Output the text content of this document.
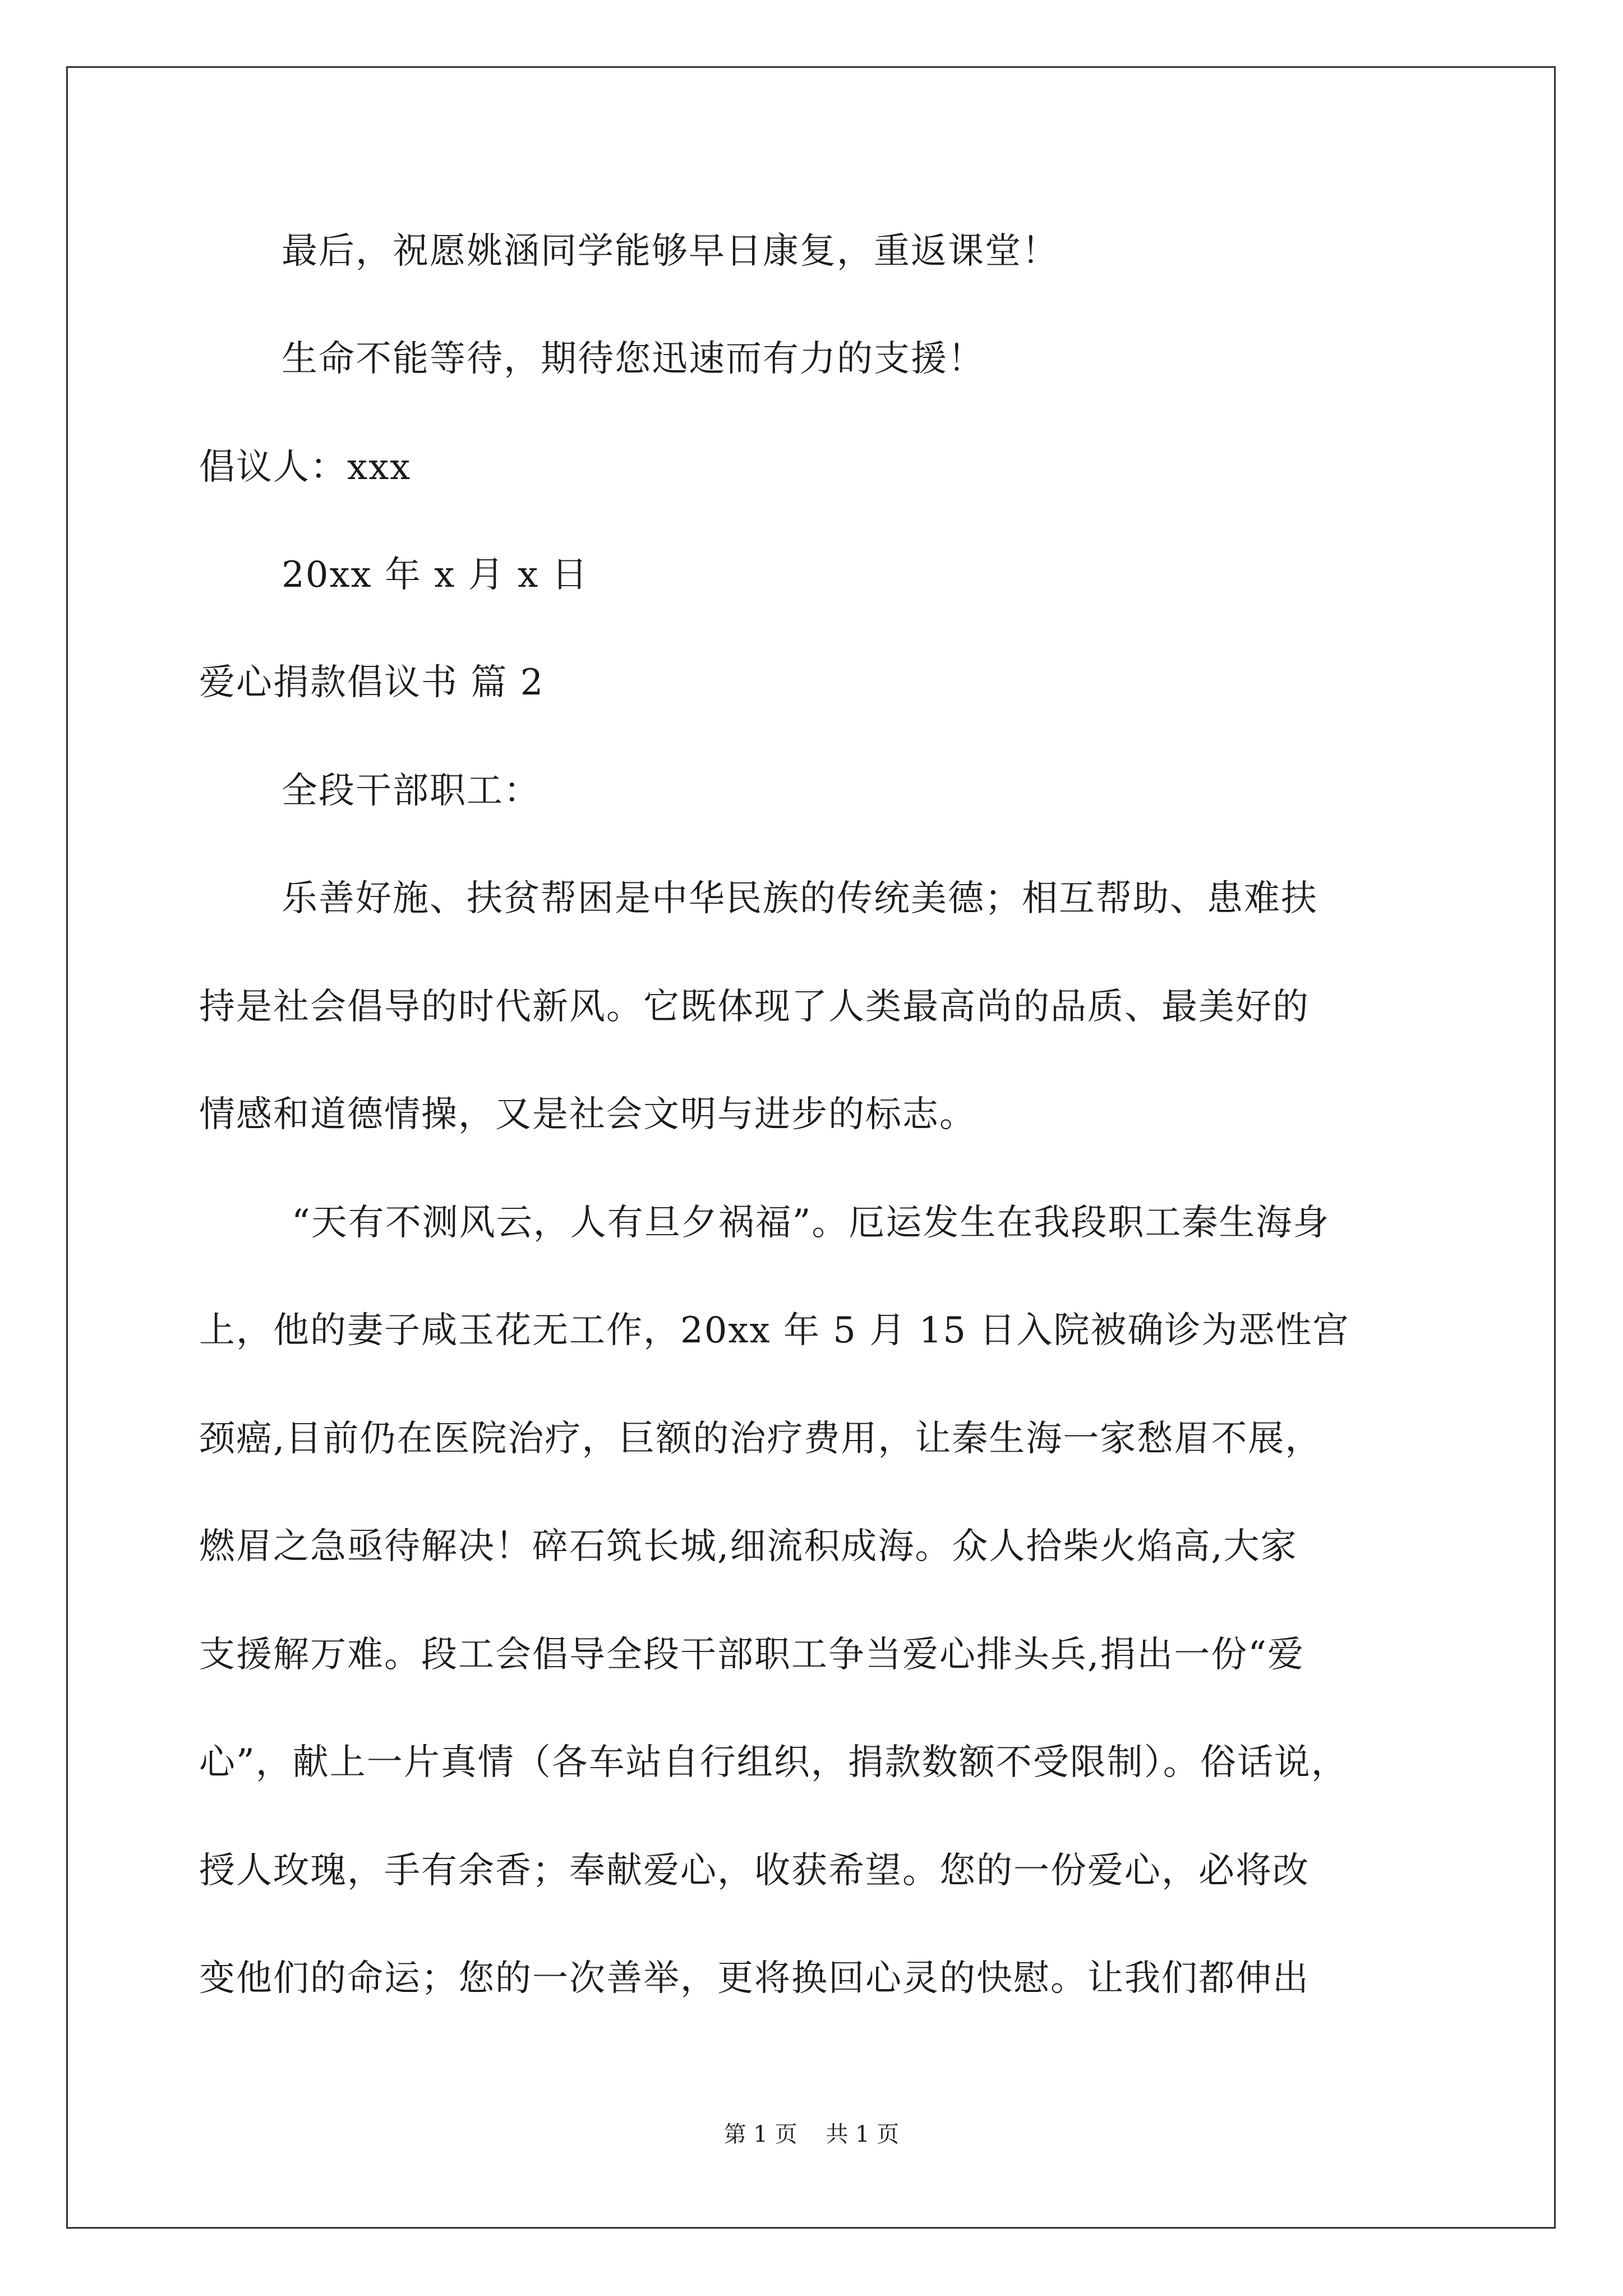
最后，祝愿姚涵同学能够早日康复，重返课堂！
生命不能等待，期待您迅速而有力的支援！
倡议人：xxx
20xx 年 x 月 x 日
爱心捐款倡议书 篇 2
全段干部职工：
乐善好施、扶贫帮困是中华民族的传统美德；相互帮助、患难扶
持是社会倡导的时代新风。它既体现了人类最高尚的品质、最美好的
情感和道德情操，又是社会文明与进步的标志。
“天有不测风云，人有旦夕祸福”。厄运发生在我段职工秦生海身
上，他的妻子咸玉花无工作，20xx 年 5 月 15 日入院被确诊为恶性宫
颈癌,目前仍在医院治疗，巨额的治疗费用，让秦生海一家愁眉不展，
燃眉之急亟待解决！碎石筑长城,细流积成海。众人拾柴火焰高,大家
支援解万难。段工会倡导全段干部职工争当爱心排头兵,捐出一份“爱
心”，献上一片真情（各车站自行组织，捐款数额不受限制）。俗话说，
授人玫瑰，手有余香；奉献爱心，收获希望。您的一份爱心，必将改
变他们的命运；您的一次善举，更将换回心灵的快慰。让我们都伸出
第 1 页    共 1 页
